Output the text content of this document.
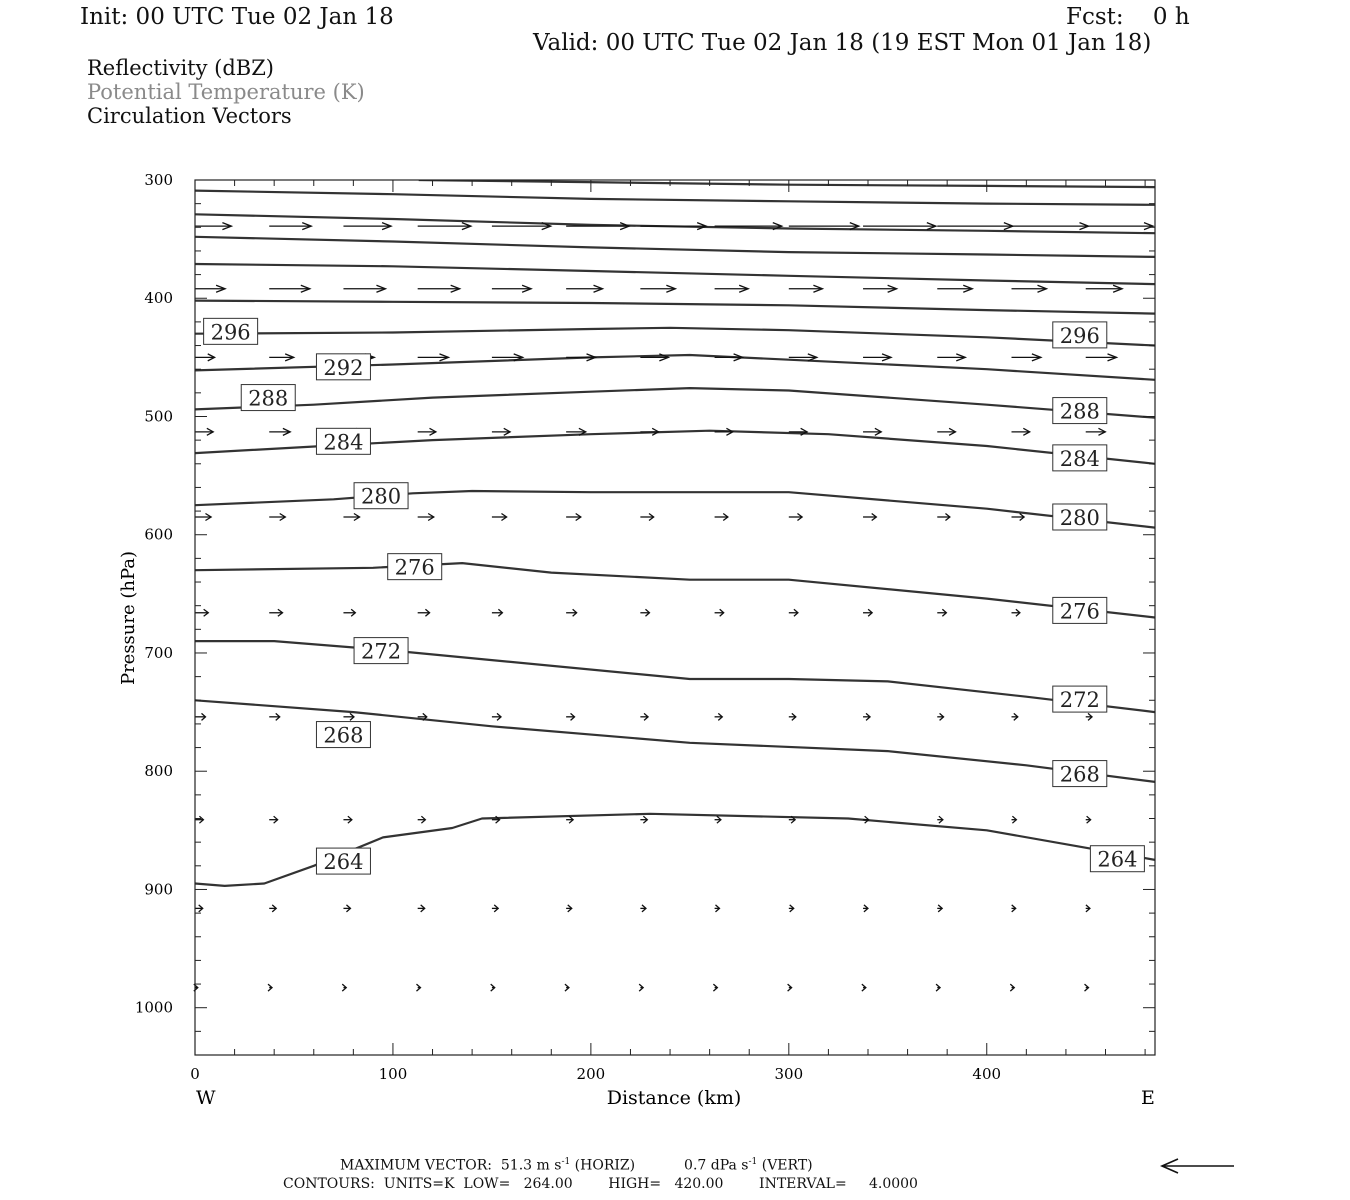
Init: 00 UTC Tue 02 Jan 18	Fcst:    0 h
Valid: 00 UTC Tue 02 Jan 18 (19 EST Mon 01 Jan 18)
Reflectivity (dBZ)
Potential Temperature (K)
Circulation Vectors
264	264
268
268
272
272
276
276
280
280
284
284
288
288
292
296	296
0	100	200	300	400
300
400
500
600
700
800
900
1000
Distance (km)
Pressure (hPa)
W	E
MAXIMUM VECTOR: 51.3 m $s^{-1}$ (HORIZ)	0.7 dPa $s^{-1}$ (VERT)
CONTOURS:  UNITS=K  LOW=   264.00        HIGH=   420.00        INTERVAL=     4.0000
